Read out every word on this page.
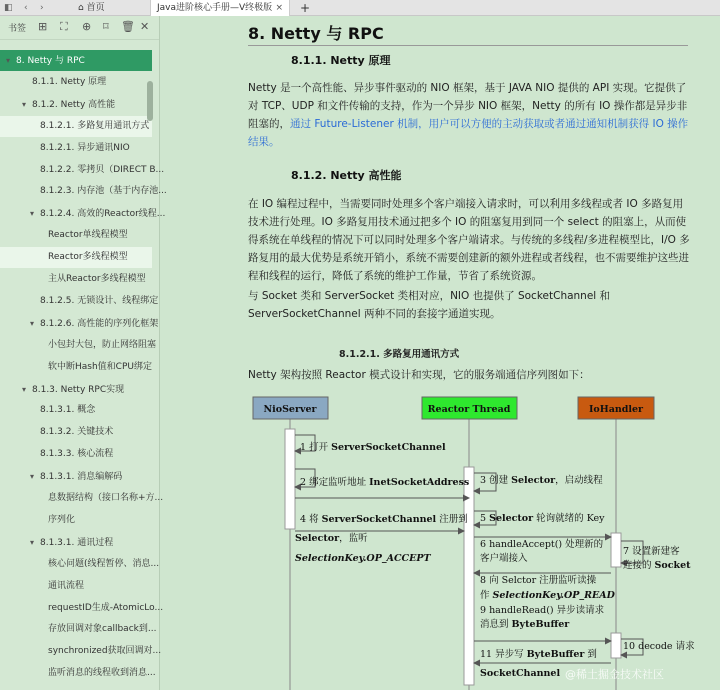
◧ ‹ ›	⌂ 首页	Java进阶核心手册—V终极版 ×	+
书签 ⊞ ⛶ ⊕ ⌑ 🗑 ✕
▾ 8. Netty 与 RPC
8.1.1. Netty 原理
▾ 8.1.2. Netty 高性能
8.1.2.1. 多路复用通讯方式
8.1.2.1. 异步通讯NIO
8.1.2.2. 零拷贝（DIRECT B...
8.1.2.3. 内存池（基于内存池...
▾ 8.1.2.4. 高效的Reactor线程...
Reactor单线程模型
Reactor多线程模型
主从Reactor多线程模型
8.1.2.5. 无锁设计、线程绑定
▾ 8.1.2.6. 高性能的序列化框架
小包封大包，防止网络阻塞
软中断Hash值和CPU绑定
▾ 8.1.3. Netty RPC实现
8.1.3.1. 概念
8.1.3.2. 关键技术
8.1.3.3. 核心流程
▾ 8.1.3.1. 消息编解码
息数据结构（接口名称+方...
序列化
▾ 8.1.3.1. 通讯过程
核心问题(线程暂停、消息...
通讯流程
requestID生成-AtomicLo...
存放回调对象callback到...
synchronized获取回调对...
监听消息的线程收到消息...
8. Netty 与 RPC
8.1.1. Netty 原理
Netty 是一个高性能、异步事件驱动的 NIO 框架，基于 JAVA NIO 提供的 API 实现。它提供了对 TCP、UDP 和文件传输的支持，作为一个异步 NIO 框架，Netty 的所有 IO 操作都是异步非阻塞的，通过 Future-Listener 机制，用户可以方便的主动获取或者通过通知机制获得 IO 操作结果。
8.1.2. Netty 高性能
在 IO 编程过程中，当需要同时处理多个客户端接入请求时，可以利用多线程或者 IO 多路复用技术进行处理。IO 多路复用技术通过把多个 IO 的阻塞复用到同一个 select 的阻塞上，从而使得系统在单线程的情况下可以同时处理多个客户端请求。与传统的多线程/多进程模型比，I/O 多路复用的最大优势是系统开销小，系统不需要创建新的额外进程或者线程，也不需要维护这些进程和线程的运行，降低了系统的维护工作量，节省了系统资源。
与 Socket 类和 ServerSocket 类相对应，NIO 也提供了 SocketChannel 和 ServerSocketChannel 两种不同的套接字通道实现。
8.1.2.1. 多路复用通讯方式
Netty 架构按照 Reactor 模式设计和实现，它的服务端通信序列图如下：
NioServer	Reactor Thread	IoHandler
1 打开 ServerSocketChannel
2 绑定监听地址 InetSocketAddress 3 创建 Selector，启动线程
4 将 ServerSocketChannel 注册到
Selector，监听
SelectionKey.OP_ACCEPT
5 Selector 轮询就绪的 Key
6 handleAccept() 处理新的
客户端接入
7 设置新建客
连接的 Socket
8 向 Selctor 注册监听读操
作 SelectionKey.OP_READ
9 handleRead() 异步读请求
消息到 ByteBuffer
10 decode 请求
11 异步写 ByteBuffer 到
SocketChannel @稀土掘金技术社区
